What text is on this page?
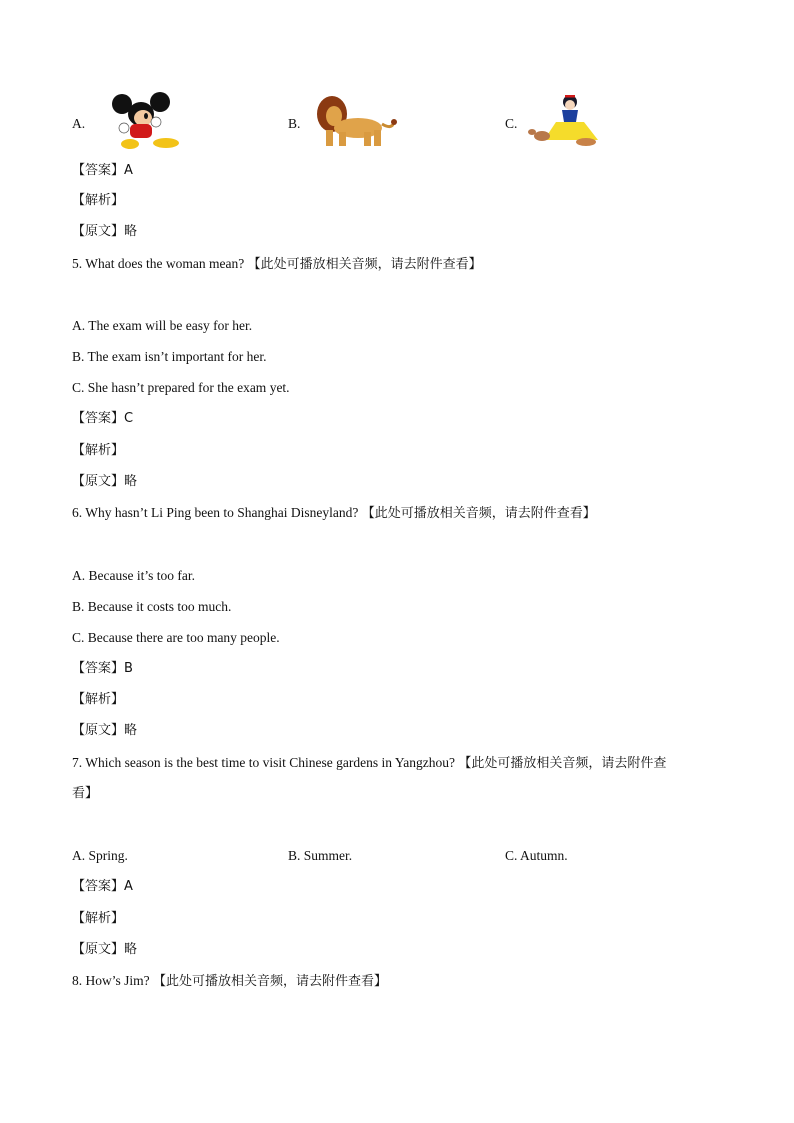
A.	B.	C.
【答案】A
【解析】
【原文】略
5. What does the woman mean? 【此处可播放相关音频，请去附件查看】
A. The exam will be easy for her.
B. The exam isn’t important for her.
C. She hasn’t prepared for the exam yet.
【答案】C
【解析】
【原文】略
6. Why hasn’t Li Ping been to Shanghai Disneyland? 【此处可播放相关音频，请去附件查看】
A. Because it’s too far.
B. Because it costs too much.
C. Because there are too many people.
【答案】B
【解析】
【原文】略
7. Which season is the best time to visit Chinese gardens in Yangzhou? 【此处可播放相关音频，请去附件查
看】
A. Spring.	B. Summer.	C. Autumn.
【答案】A
【解析】
【原文】略
8. How’s Jim? 【此处可播放相关音频，请去附件查看】
